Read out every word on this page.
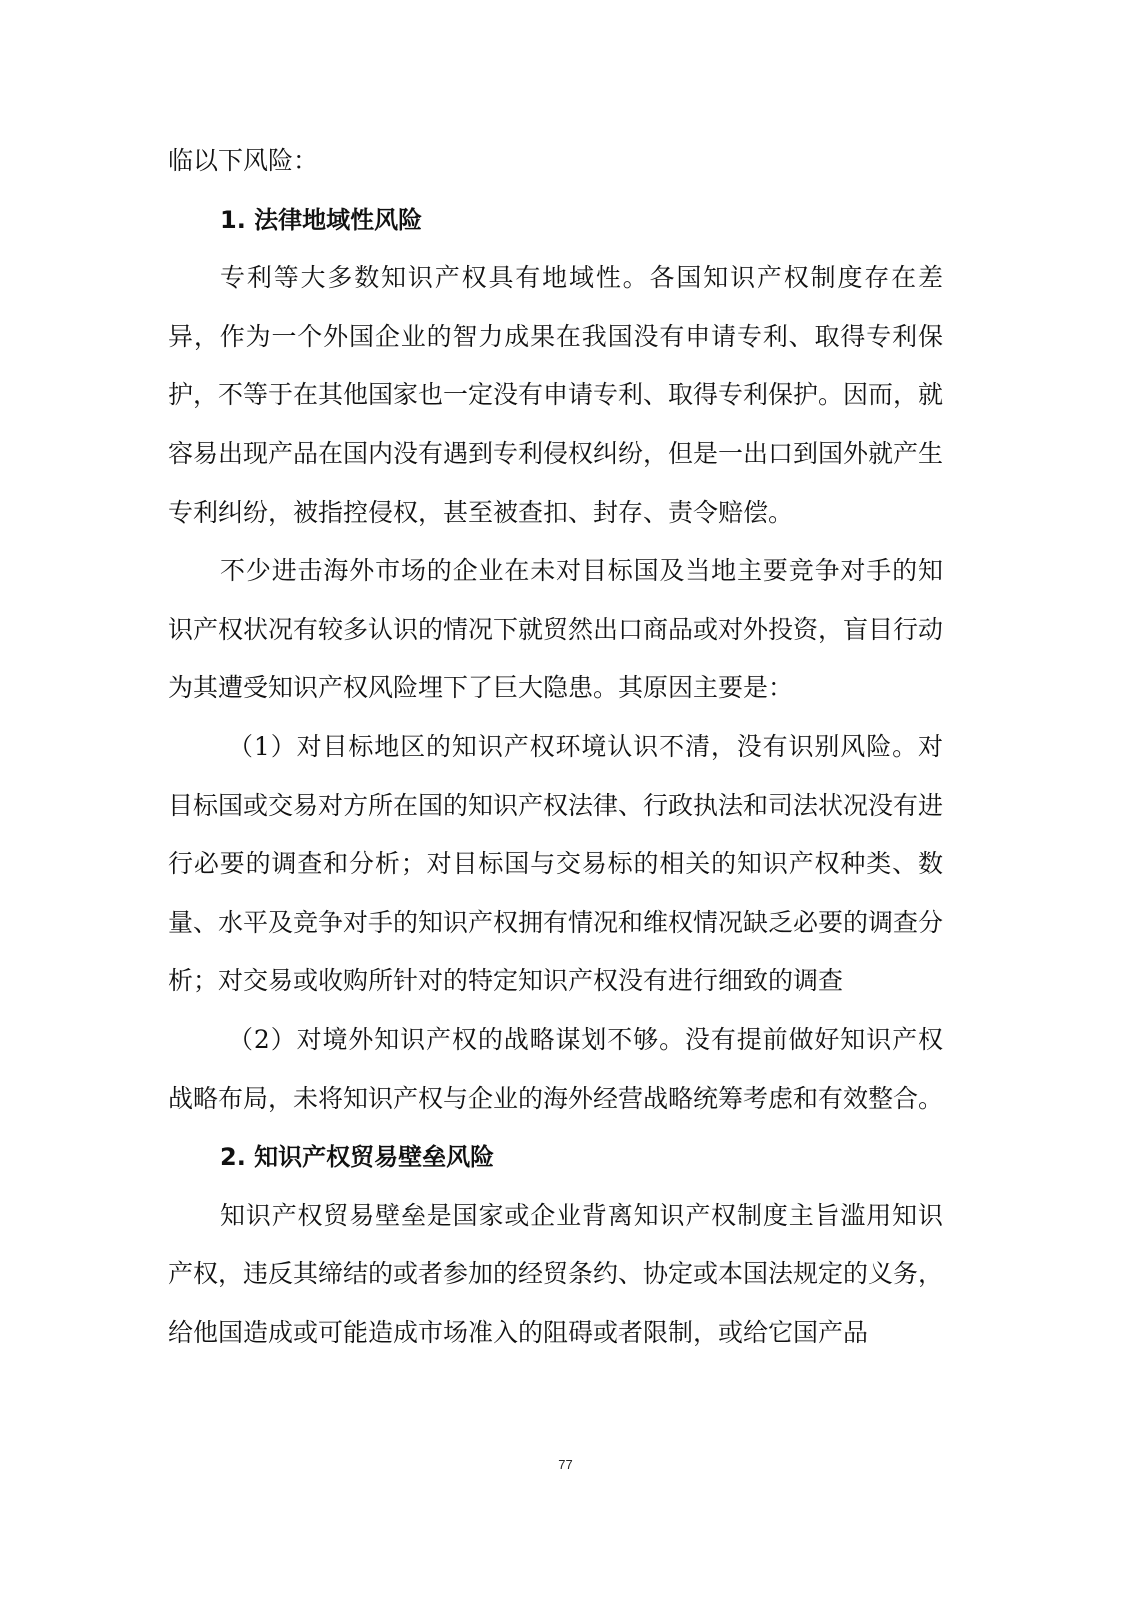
临以下风险：

1. 法律地域性风险

专利等大多数知识产权具有地域性。各国知识产权制度存在差异，作为一个外国企业的智力成果在我国没有申请专利、取得专利保护，不等于在其他国家也一定没有申请专利、取得专利保护。因而，就容易出现产品在国内没有遇到专利侵权纠纷，但是一出口到国外就产生专利纠纷，被指控侵权，甚至被查扣、封存、责令赔偿。

不少进击海外市场的企业在未对目标国及当地主要竞争对手的知识产权状况有较多认识的情况下就贸然出口商品或对外投资，盲目行动为其遭受知识产权风险埋下了巨大隐患。其原因主要是：

（1）对目标地区的知识产权环境认识不清，没有识别风险。对目标国或交易对方所在国的知识产权法律、行政执法和司法状况没有进行必要的调查和分析；对目标国与交易标的相关的知识产权种类、数量、水平及竞争对手的知识产权拥有情况和维权情况缺乏必要的调查分析；对交易或收购所针对的特定知识产权没有进行细致的调查

（2）对境外知识产权的战略谋划不够。没有提前做好知识产权战略布局，未将知识产权与企业的海外经营战略统筹考虑和有效整合。

2. 知识产权贸易壁垒风险

知识产权贸易壁垒是国家或企业背离知识产权制度主旨滥用知识产权，违反其缔结的或者参加的经贸条约、协定或本国法规定的义务，给他国造成或可能造成市场准入的阻碍或者限制，或给它国产品

77
